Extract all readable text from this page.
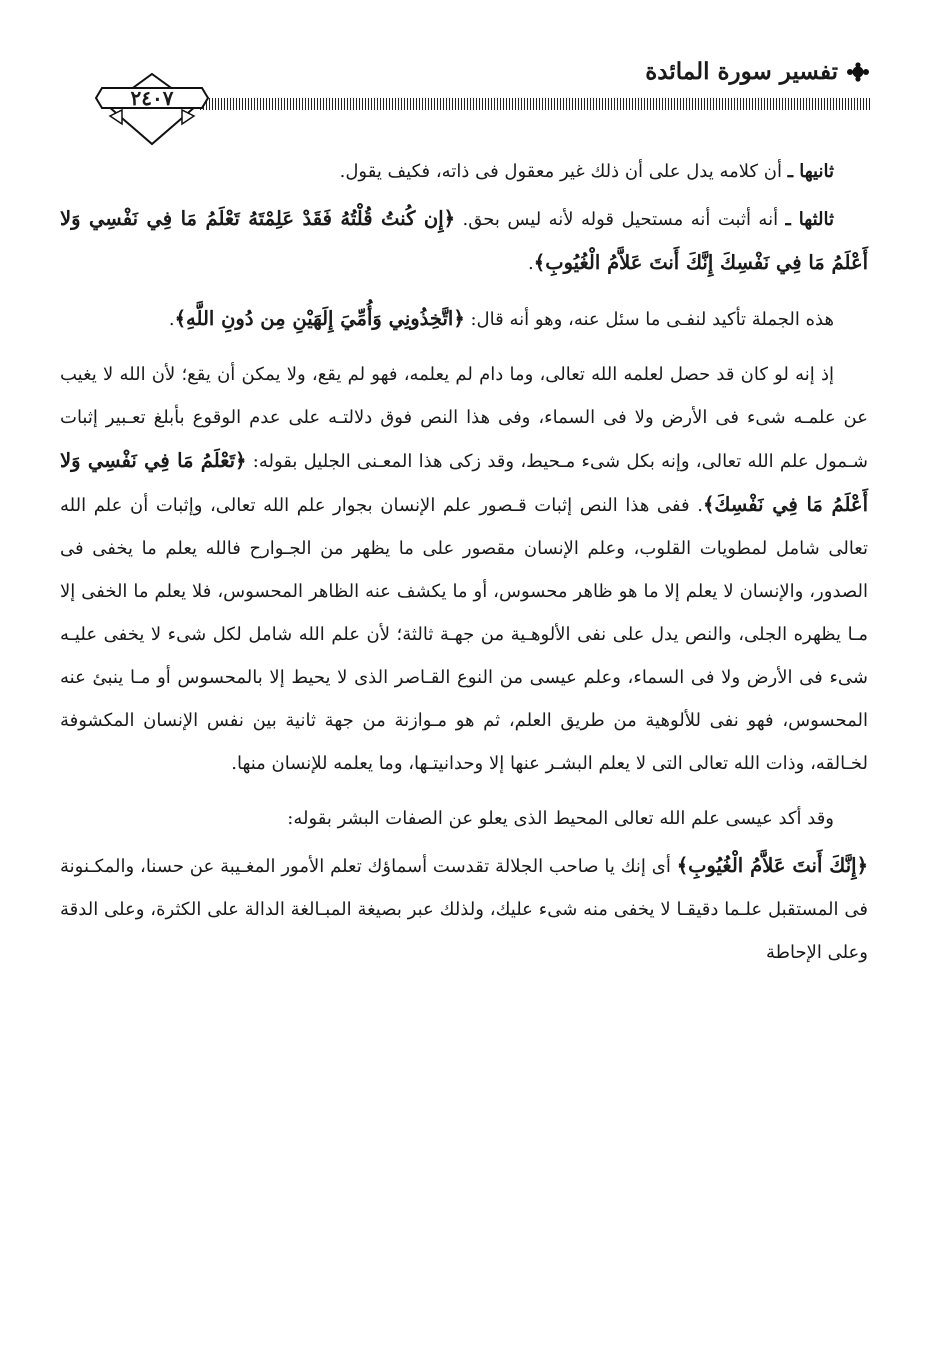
تفسير سورة المائدة
٢٤٠٧

ثانيها ـ أن كلامه يدل على أن ذلك غير معقول فى ذاته، فكيف يقول.

ثالثها ـ أنه أثبت أنه مستحيل قوله لأنه ليس بحق. ﴿إِن كُنتُ قُلْتُهُ فَقَدْ عَلِمْتَهُ تَعْلَمُ مَا فِي نَفْسِي وَلا أَعْلَمُ مَا فِي نَفْسِكَ إِنَّكَ أَنتَ عَلاَّمُ الْغُيُوبِ﴾.

هذه الجملة تأكيد لنفـى ما سئل عنه، وهو أنه قال: ﴿اتَّخِذُونِي وَأُمِّيَ إِلَهَيْنِ مِن دُونِ اللَّهِ﴾.

إذ إنه لو كان قد حصل لعلمه الله تعالى، وما دام لم يعلمه، فهو لم يقع، ولا يمكن أن يقع؛ لأن الله لا يغيب عن علمـه شىء فى الأرض ولا فى السماء، وفى هذا النص فوق دلالتـه على عدم الوقوع بأبلغ تعـبير إثبات شـمول علم الله تعالى، وإنه بكل شىء مـحيط، وقد زكى هذا المعـنى الجليل بقوله: ﴿تَعْلَمُ مَا فِي نَفْسِي وَلا أَعْلَمُ مَا فِي نَفْسِكَ﴾. ففى هذا النص إثبات قـصور علم الإنسان بجوار علم الله تعالى، وإثبات أن علم الله تعالى شامل لمطويات القلوب، وعلم الإنسان مقصور على ما يظهر من الجـوارح فالله يعلم ما يخفى فى الصدور، والإنسان لا يعلم إلا ما هو ظاهر محسوس، أو ما يكشف عنه الظاهر المحسوس، فلا يعلم ما الخفى إلا مـا يظهره الجلى، والنص يدل على نفى الألوهـية من جهـة ثالثة؛ لأن علم الله شامل لكل شىء لا يخفى عليـه شىء فى الأرض ولا فى السماء، وعلم عيسى من النوع القـاصر الذى لا يحيط إلا بالمحسوس أو مـا ينبئ عنه المحسوس، فهو نفى للألوهية من طريق العلم، ثم هو مـوازنة من جهة ثانية بين نفس الإنسان المكشوفة لخـالقه، وذات الله تعالى التى لا يعلم البشـر عنها إلا وحدانيتـها، وما يعلمه للإنسان منها.

وقد أكد عيسى علم الله تعالى المحيط الذى يعلو عن الصفات البشر بقوله:

﴿إِنَّكَ أَنتَ عَلاَّمُ الْغُيُوبِ﴾ أى إنك يا صاحب الجلالة تقدست أسماؤك تعلم الأمور المغـيبة عن حسنا، والمكـنونة فى المستقبل علـما دقيقـا لا يخفى منه شىء عليك، ولذلك عبر بصيغة المبـالغة الدالة على الكثرة، وعلى الدقة وعلى الإحاطة
